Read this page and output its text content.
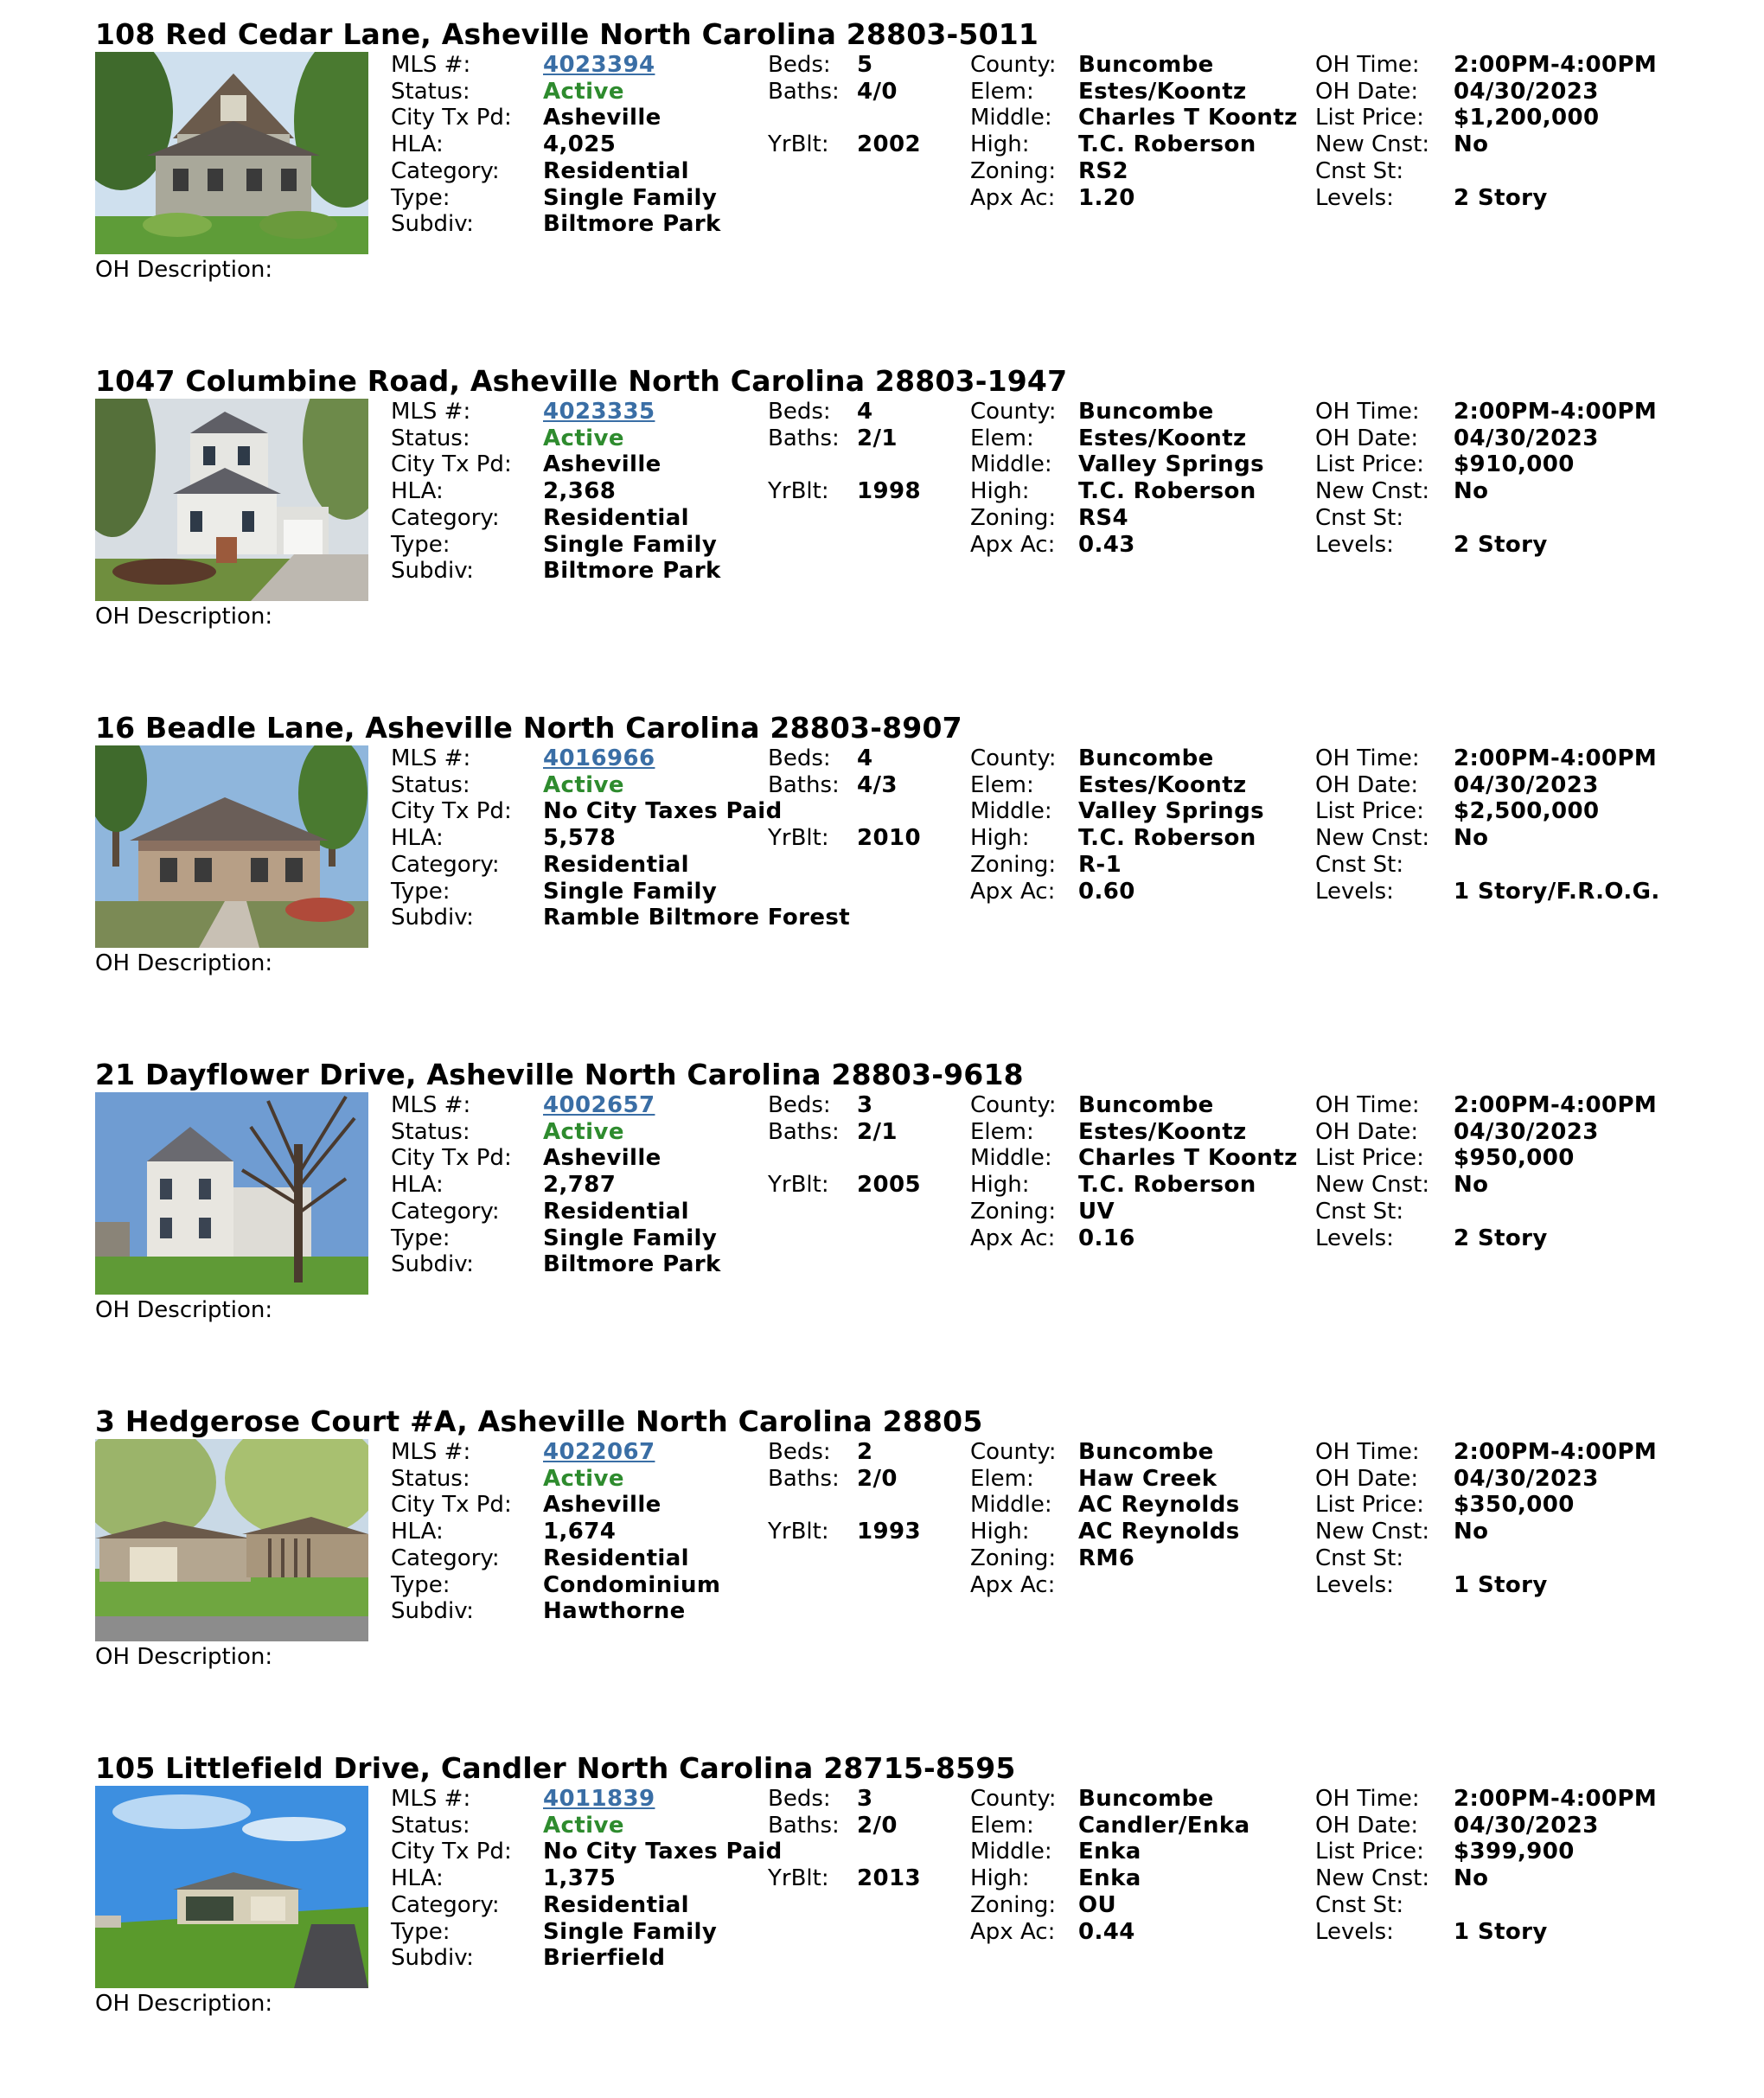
108 Red Cedar Lane, Asheville North Carolina 28803-5011
MLS #:	4023394
Status:	Active
City Tx Pd: Asheville
HLA:	4,025
Category: Residential
Type:	Single Family
Subdiv:	Biltmore Park
Beds: 5
Baths: 4/0
YrBlt: 2002
County: Buncombe
Elem: Estes/Koontz
Middle: Charles T Koontz
High: T.C. Roberson
Zoning: RS2
Apx Ac: 1.20
OH Time: 2:00PM-4:00PM
OH Date: 04/30/2023
List Price: $1,200,000
New Cnst: No
Cnst St:
Levels:	2 Story
OH Description:
1047 Columbine Road, Asheville North Carolina 28803-1947
MLS #:	4023335
Status:	Active
City Tx Pd: Asheville
HLA:	2,368
Category: Residential
Type:	Single Family
Subdiv:	Biltmore Park
Beds: 4
Baths: 2/1
YrBlt: 1998
County: Buncombe
Elem: Estes/Koontz
Middle: Valley Springs
High: T.C. Roberson
Zoning: RS4
Apx Ac: 0.43
OH Time: 2:00PM-4:00PM
OH Date: 04/30/2023
List Price: $910,000
New Cnst: No
Cnst St:
Levels:	2 Story
OH Description:
16 Beadle Lane, Asheville North Carolina 28803-8907
MLS #:	4016966
Status:	Active
City Tx Pd: No City Taxes Paid
HLA:	5,578
Category: Residential
Type:	Single Family
Subdiv:	Ramble Biltmore Forest
Beds: 4
Baths: 4/3
YrBlt: 2010
County: Buncombe
Elem: Estes/Koontz
Middle: Valley Springs
High: T.C. Roberson
Zoning: R-1
Apx Ac: 0.60
OH Time: 2:00PM-4:00PM
OH Date: 04/30/2023
List Price: $2,500,000
New Cnst: No
Cnst St:
Levels:	1 Story/F.R.O.G.
OH Description:
21 Dayflower Drive, Asheville North Carolina 28803-9618
MLS #:	4002657
Status:	Active
City Tx Pd: Asheville
HLA:	2,787
Category: Residential
Type:	Single Family
Subdiv:	Biltmore Park
Beds: 3
Baths: 2/1
YrBlt: 2005
County: Buncombe
Elem: Estes/Koontz
Middle: Charles T Koontz
High: T.C. Roberson
Zoning: UV
Apx Ac: 0.16
OH Time: 2:00PM-4:00PM
OH Date: 04/30/2023
List Price: $950,000
New Cnst: No
Cnst St:
Levels:	2 Story
OH Description:
3 Hedgerose Court #A, Asheville North Carolina 28805
MLS #:	4022067
Status:	Active
City Tx Pd: Asheville
HLA:	1,674
Category: Residential
Type:	Condominium
Subdiv:	Hawthorne
Beds: 2
Baths: 2/0
YrBlt: 1993
County: Buncombe
Elem: Haw Creek
Middle: AC Reynolds
High: AC Reynolds
Zoning: RM6
Apx Ac:
OH Time: 2:00PM-4:00PM
OH Date: 04/30/2023
List Price: $350,000
New Cnst: No
Cnst St:
Levels:	1 Story
OH Description:
105 Littlefield Drive, Candler North Carolina 28715-8595
MLS #:	4011839
Status:	Active
City Tx Pd: No City Taxes Paid
HLA:	1,375
Category: Residential
Type:	Single Family
Subdiv:	Brierfield
Beds: 3
Baths: 2/0
YrBlt: 2013
County: Buncombe
Elem: Candler/Enka
Middle: Enka
High: Enka
Zoning: OU
Apx Ac: 0.44
OH Time: 2:00PM-4:00PM
OH Date: 04/30/2023
List Price: $399,900
New Cnst: No
Cnst St:
Levels:	1 Story
OH Description:
